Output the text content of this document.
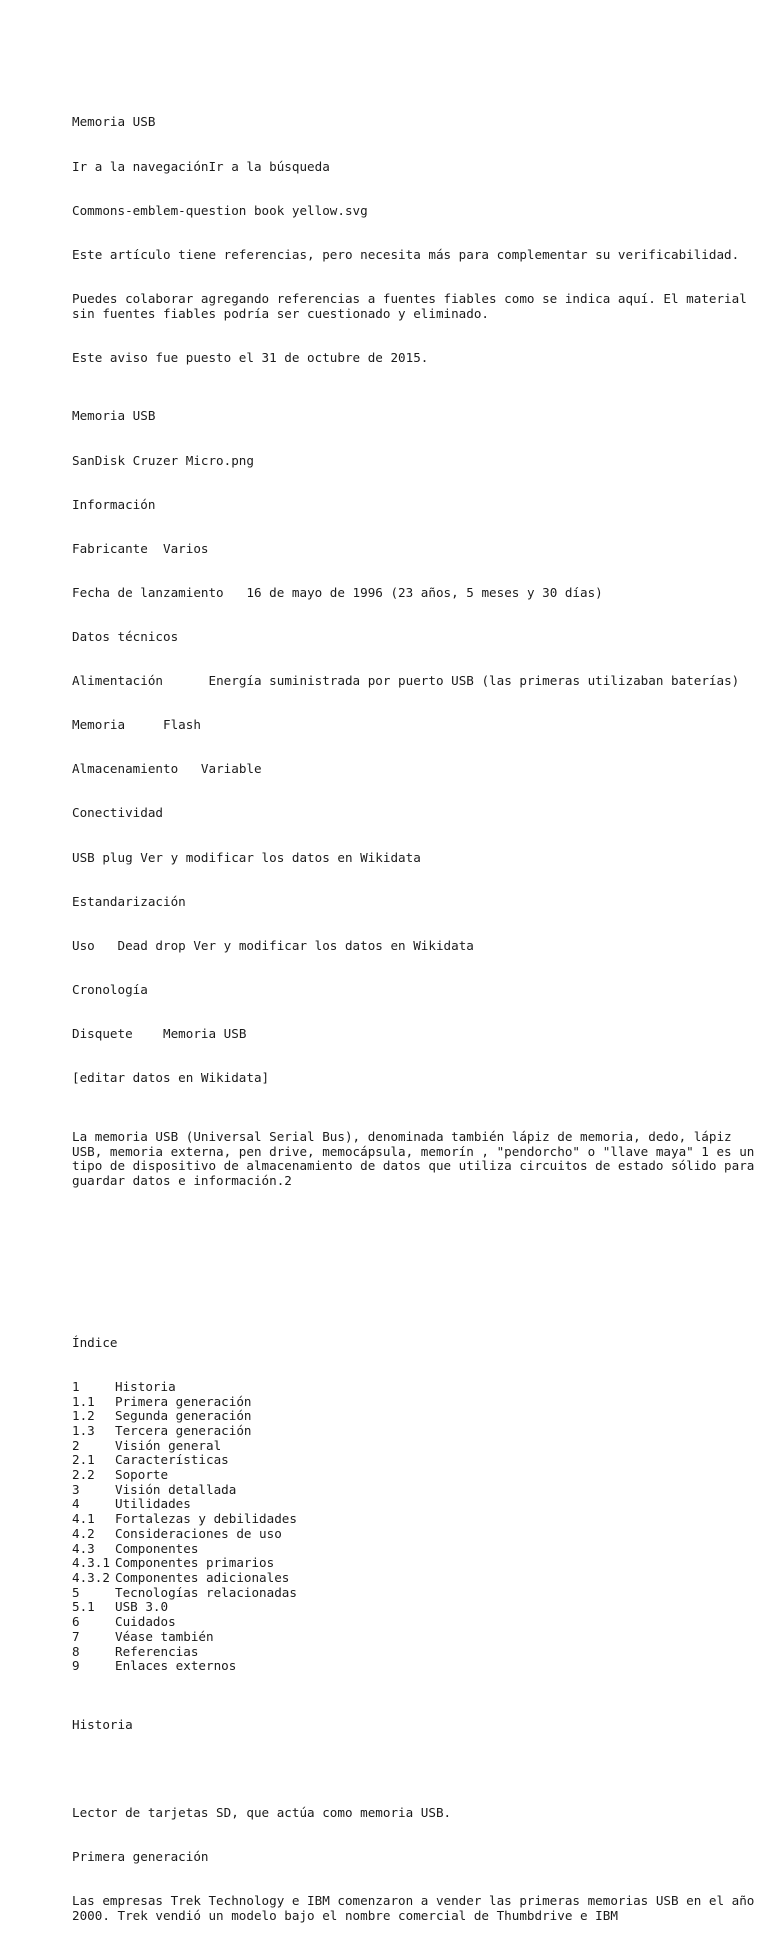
Memoria USB

Ir a la navegaciónIr a la búsqueda

Commons-emblem-question book yellow.svg

Este artículo tiene referencias, pero necesita más para complementar su verificabilidad.

Puedes colaborar agregando referencias a fuentes fiables como se indica aquí. El material sin fuentes fiables podría ser cuestionado y eliminado.

Este aviso fue puesto el 31 de octubre de 2015.

Memoria USB

SanDisk Cruzer Micro.png

Información

Fabricante Varios

Fecha de lanzamiento 16 de mayo de 1996 (23 años, 5 meses y 30 días)

Datos técnicos

Alimentación	Energía suministrada por puerto USB (las primeras utilizaban baterías)

Memoria	Flash

Almacenamiento Variable

Conectividad

USB plug Ver y modificar los datos en Wikidata

Estandarización

Uso Dead drop Ver y modificar los datos en Wikidata

Cronología

Disquete Memoria USB

[editar datos en Wikidata]

La memoria USB (Universal Serial Bus), denominada también lápiz de memoria, dedo, lápiz USB, memoria externa, pen drive, memocápsula, memorín , "pendorcho" o "llave maya" 1 es un tipo de dispositivo de almacenamiento de datos que utiliza circuitos de estado sólido para guardar datos e información.2

Índice

1	Historia
1.1 Primera generación
1.2 Segunda generación
1.3 Tercera generación
2	Visión general
2.1 Características
2.2 Soporte
3	Visión detallada
4	Utilidades
4.1 Fortalezas y debilidades
4.2 Consideraciones de uso
4.3 Componentes
4.3.1 Componentes primarios
4.3.2 Componentes adicionales
5	Tecnologías relacionadas
5.1 USB 3.0
6	Cuidados
7	Véase también
8	Referencias
9	Enlaces externos

Historia

Lector de tarjetas SD, que actúa como memoria USB.

Primera generación

Las empresas Trek Technology e IBM comenzaron a vender las primeras memorias USB en el año 2000. Trek vendió un modelo bajo el nombre comercial de Thumbdrive e IBM
